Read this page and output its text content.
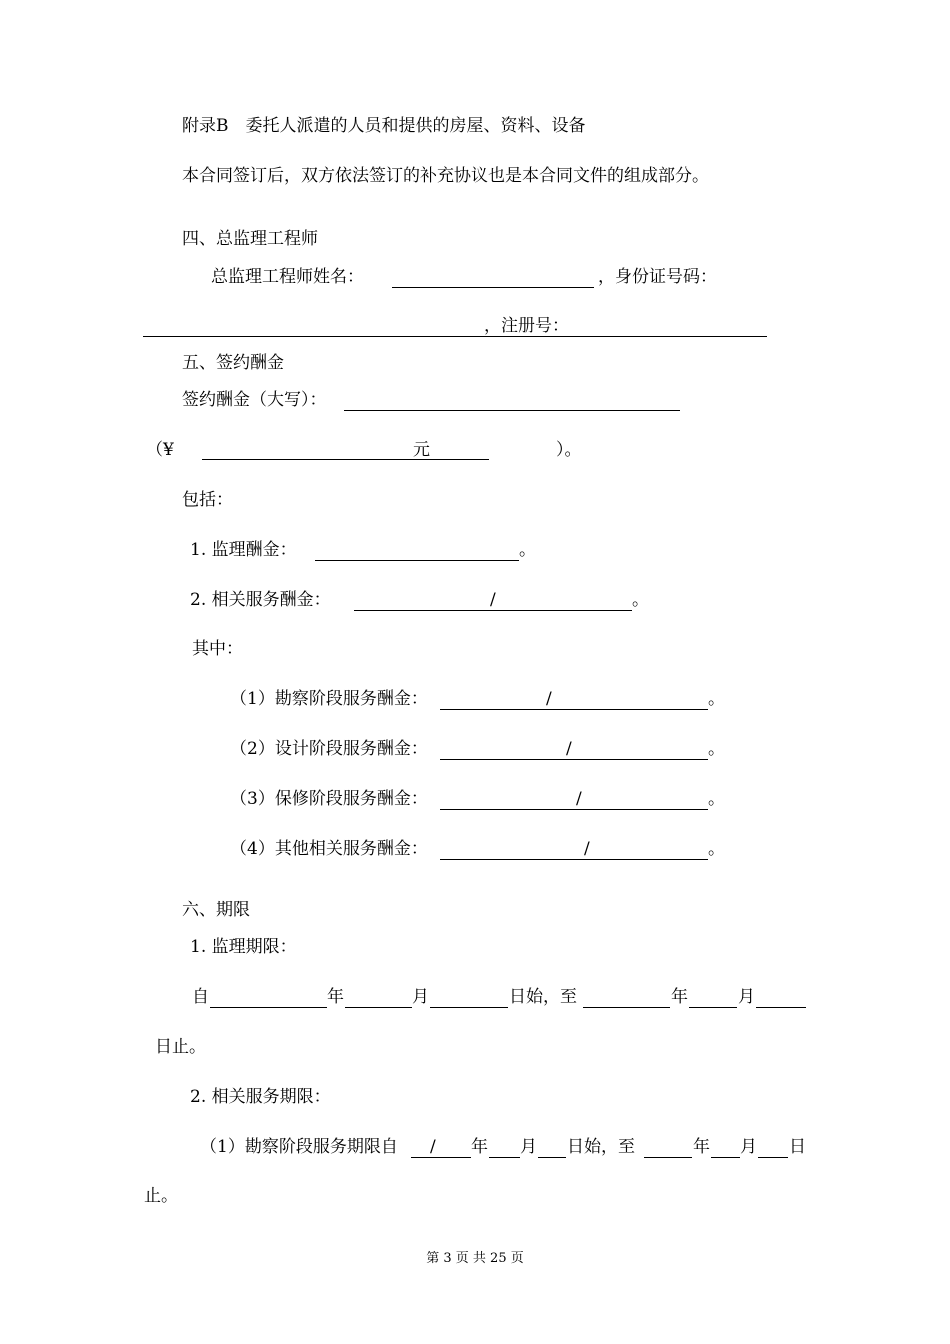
附录B　委托人派遣的人员和提供的房屋、资料、设备
本合同签订后，双方依法签订的补充协议也是本合同文件的组成部分。
四、总监理工程师
总监理工程师姓名：	，身份证号码：
，注册号：
五、签约酬金
签约酬金（大写）：
（¥	元	）。
包括：
1. 监理酬金：	。
2. 相关服务酬金：	/	。
其中：
（1）勘察阶段服务酬金：	/	。
（2）设计阶段服务酬金：	/	。
（3）保修阶段服务酬金：	/	。
（4）其他相关服务酬金：	/	。
六、期限
1. 监理期限：
自	年	月	日始，至	年	月
日止。
2. 相关服务期限：
（1）勘察阶段服务期限自 / 年 月 日始，至	年 月 日
止。
第 3 页 共 25 页
